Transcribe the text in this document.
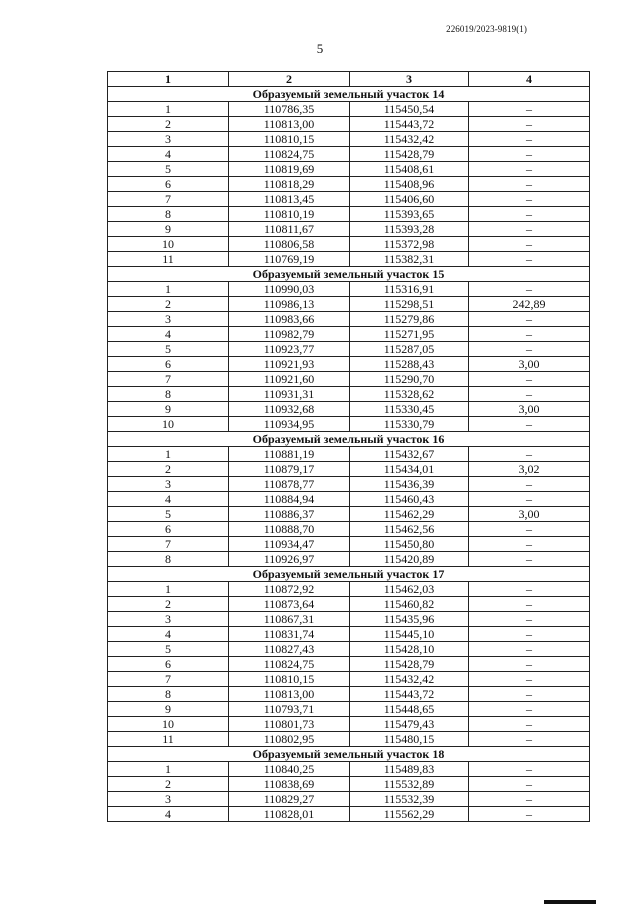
226019/2023-9819(1)
5
1	2	3	4
Образуемый земельный участок 14			
1	110786,35	115450,54	–
2	110813,00	115443,72	–
3	110810,15	115432,42	–
4	110824,75	115428,79	–
5	110819,69	115408,61	–
6	110818,29	115408,96	–
7	110813,45	115406,60	–
8	110810,19	115393,65	–
9	110811,67	115393,28	–
10	110806,58	115372,98	–
11	110769,19	115382,31	–
Образуемый земельный участок 15			
1	110990,03	115316,91	–
2	110986,13	115298,51	242,89
3	110983,66	115279,86	–
4	110982,79	115271,95	–
5	110923,77	115287,05	–
6	110921,93	115288,43	3,00
7	110921,60	115290,70	–
8	110931,31	115328,62	–
9	110932,68	115330,45	3,00
10	110934,95	115330,79	–
Образуемый земельный участок 16			
1	110881,19	115432,67	–
2	110879,17	115434,01	3,02
3	110878,77	115436,39	–
4	110884,94	115460,43	–
5	110886,37	115462,29	3,00
6	110888,70	115462,56	–
7	110934,47	115450,80	–
8	110926,97	115420,89	–
Образуемый земельный участок 17			
1	110872,92	115462,03	–
2	110873,64	115460,82	–
3	110867,31	115435,96	–
4	110831,74	115445,10	–
5	110827,43	115428,10	–
6	110824,75	115428,79	–
7	110810,15	115432,42	–
8	110813,00	115443,72	–
9	110793,71	115448,65	–
10	110801,73	115479,43	–
11	110802,95	115480,15	–
Образуемый земельный участок 18			
1	110840,25	115489,83	–
2	110838,69	115532,89	–
3	110829,27	115532,39	–
4	110828,01	115562,29	–
